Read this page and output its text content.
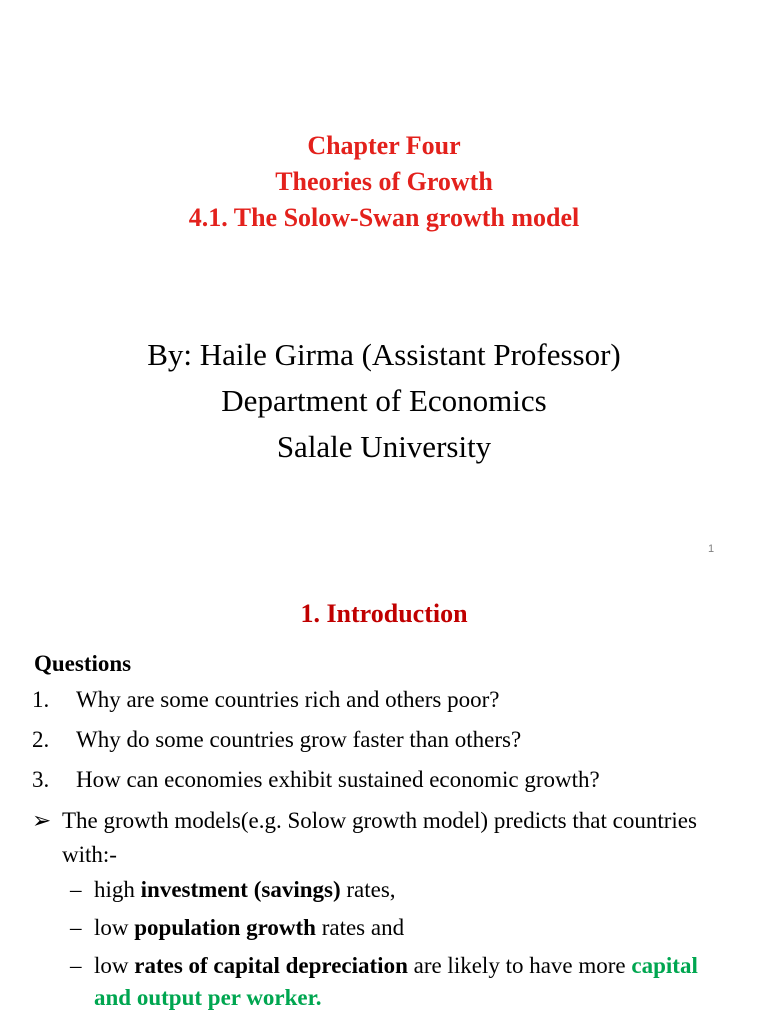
Chapter Four
Theories of Growth
4.1. The Solow-Swan growth model
By: Haile Girma (Assistant Professor)
Department of Economics
Salale University
1
1. Introduction
Questions
1. Why are some countries rich and others poor?
2. Why do some countries grow faster than others?
3. How can economies exhibit sustained economic growth?
➢ The growth models(e.g. Solow growth model) predicts that countries with:-
– high investment (savings) rates,
– low population growth rates and
– low rates of capital depreciation are likely to have more capital and output per worker.
